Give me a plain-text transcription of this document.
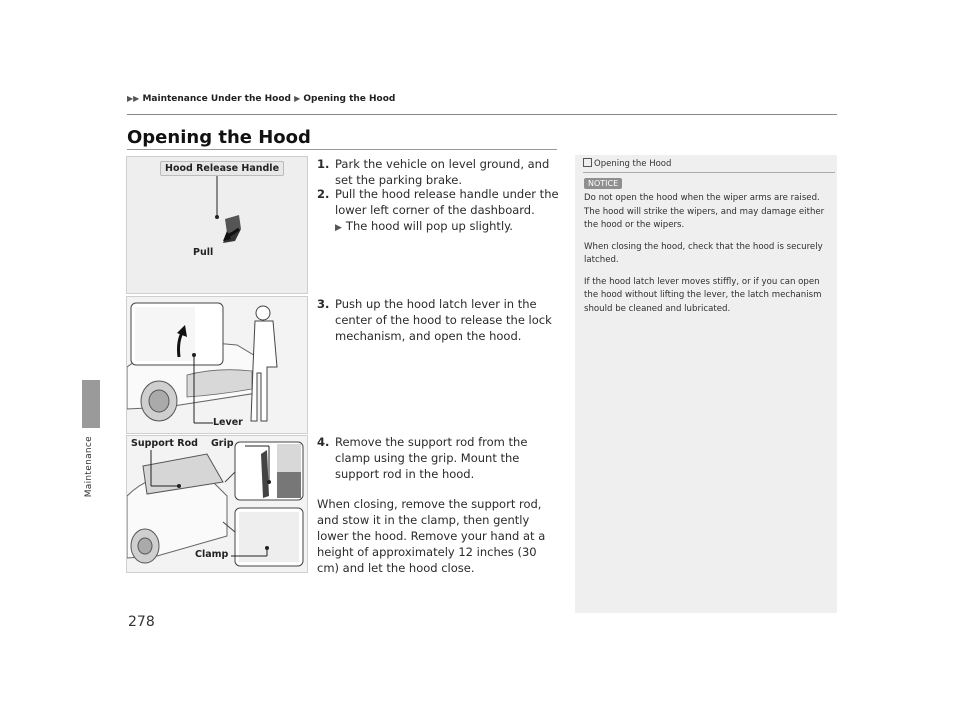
▶▶ Maintenance Under the Hood ▶ Opening the Hood
Opening the Hood
Maintenance
Hood Release Handle
Pull
Lever
Support Rod Grip
Clamp
1. Park the vehicle on level ground, and set the parking brake.
2. Pull the hood release handle under the lower left corner of the dashboard.
▶ The hood will pop up slightly.
3. Push up the hood latch lever in the center of the hood to release the lock mechanism, and open the hood.
4. Remove the support rod from the clamp using the grip. Mount the support rod in the hood.
When closing, remove the support rod, and stow it in the clamp, then gently lower the hood. Remove your hand at a height of approximately 12 inches (30 cm) and let the hood close.
Opening the Hood
NOTICE

Do not open the hood when the wiper arms are raised.
The hood will strike the wipers, and may damage either the hood or the wipers.

When closing the hood, check that the hood is securely latched.

If the hood latch lever moves stiffly, or if you can open the hood without lifting the lever, the latch mechanism should be cleaned and lubricated.

278
